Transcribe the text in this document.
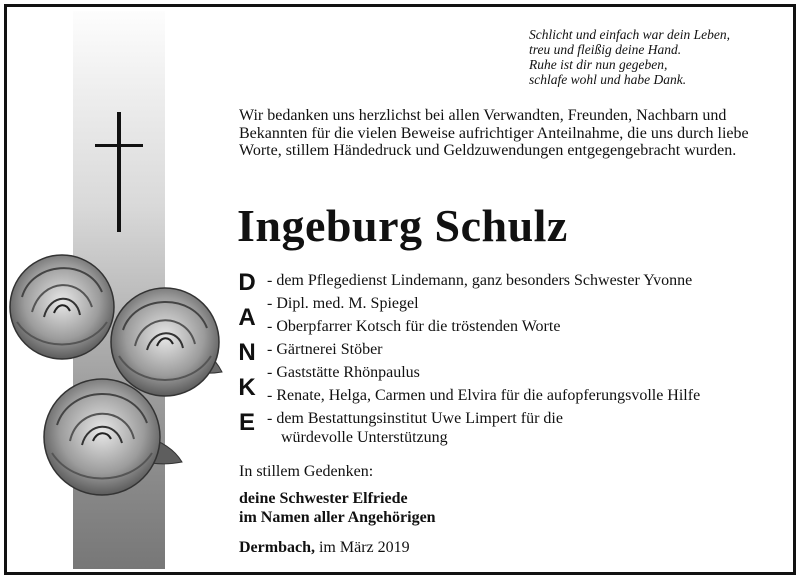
Schlicht und einfach war dein Leben,
treu und fleißig deine Hand.
Ruhe ist dir nun gegeben,
schlafe wohl und habe Dank.
Wir bedanken uns herzlichst bei allen Verwandten, Freunden, Nachbarn und Bekannten für die vielen Beweise aufrichtiger Anteilnahme, die uns durch liebe Worte, stillem Händedruck und Geldzuwendungen entgegengebracht wurden.
Ingeburg Schulz
D
A
N
K
E
- dem Pflegedienst Lindemann, ganz besonders Schwester Yvonne
- Dipl. med. M. Spiegel
- Oberpfarrer Kotsch für die tröstenden Worte
- Gärtnerei Stöber
- Gaststätte Rhönpaulus
- Renate, Helga, Carmen und Elvira für die aufopferungsvolle Hilfe
- dem Bestattungsinstitut Uwe Limpert für die
würdevolle Unterstützung
In stillem Gedenken:
deine Schwester Elfriede
im Namen aller Angehörigen
Dermbach, im März 2019
